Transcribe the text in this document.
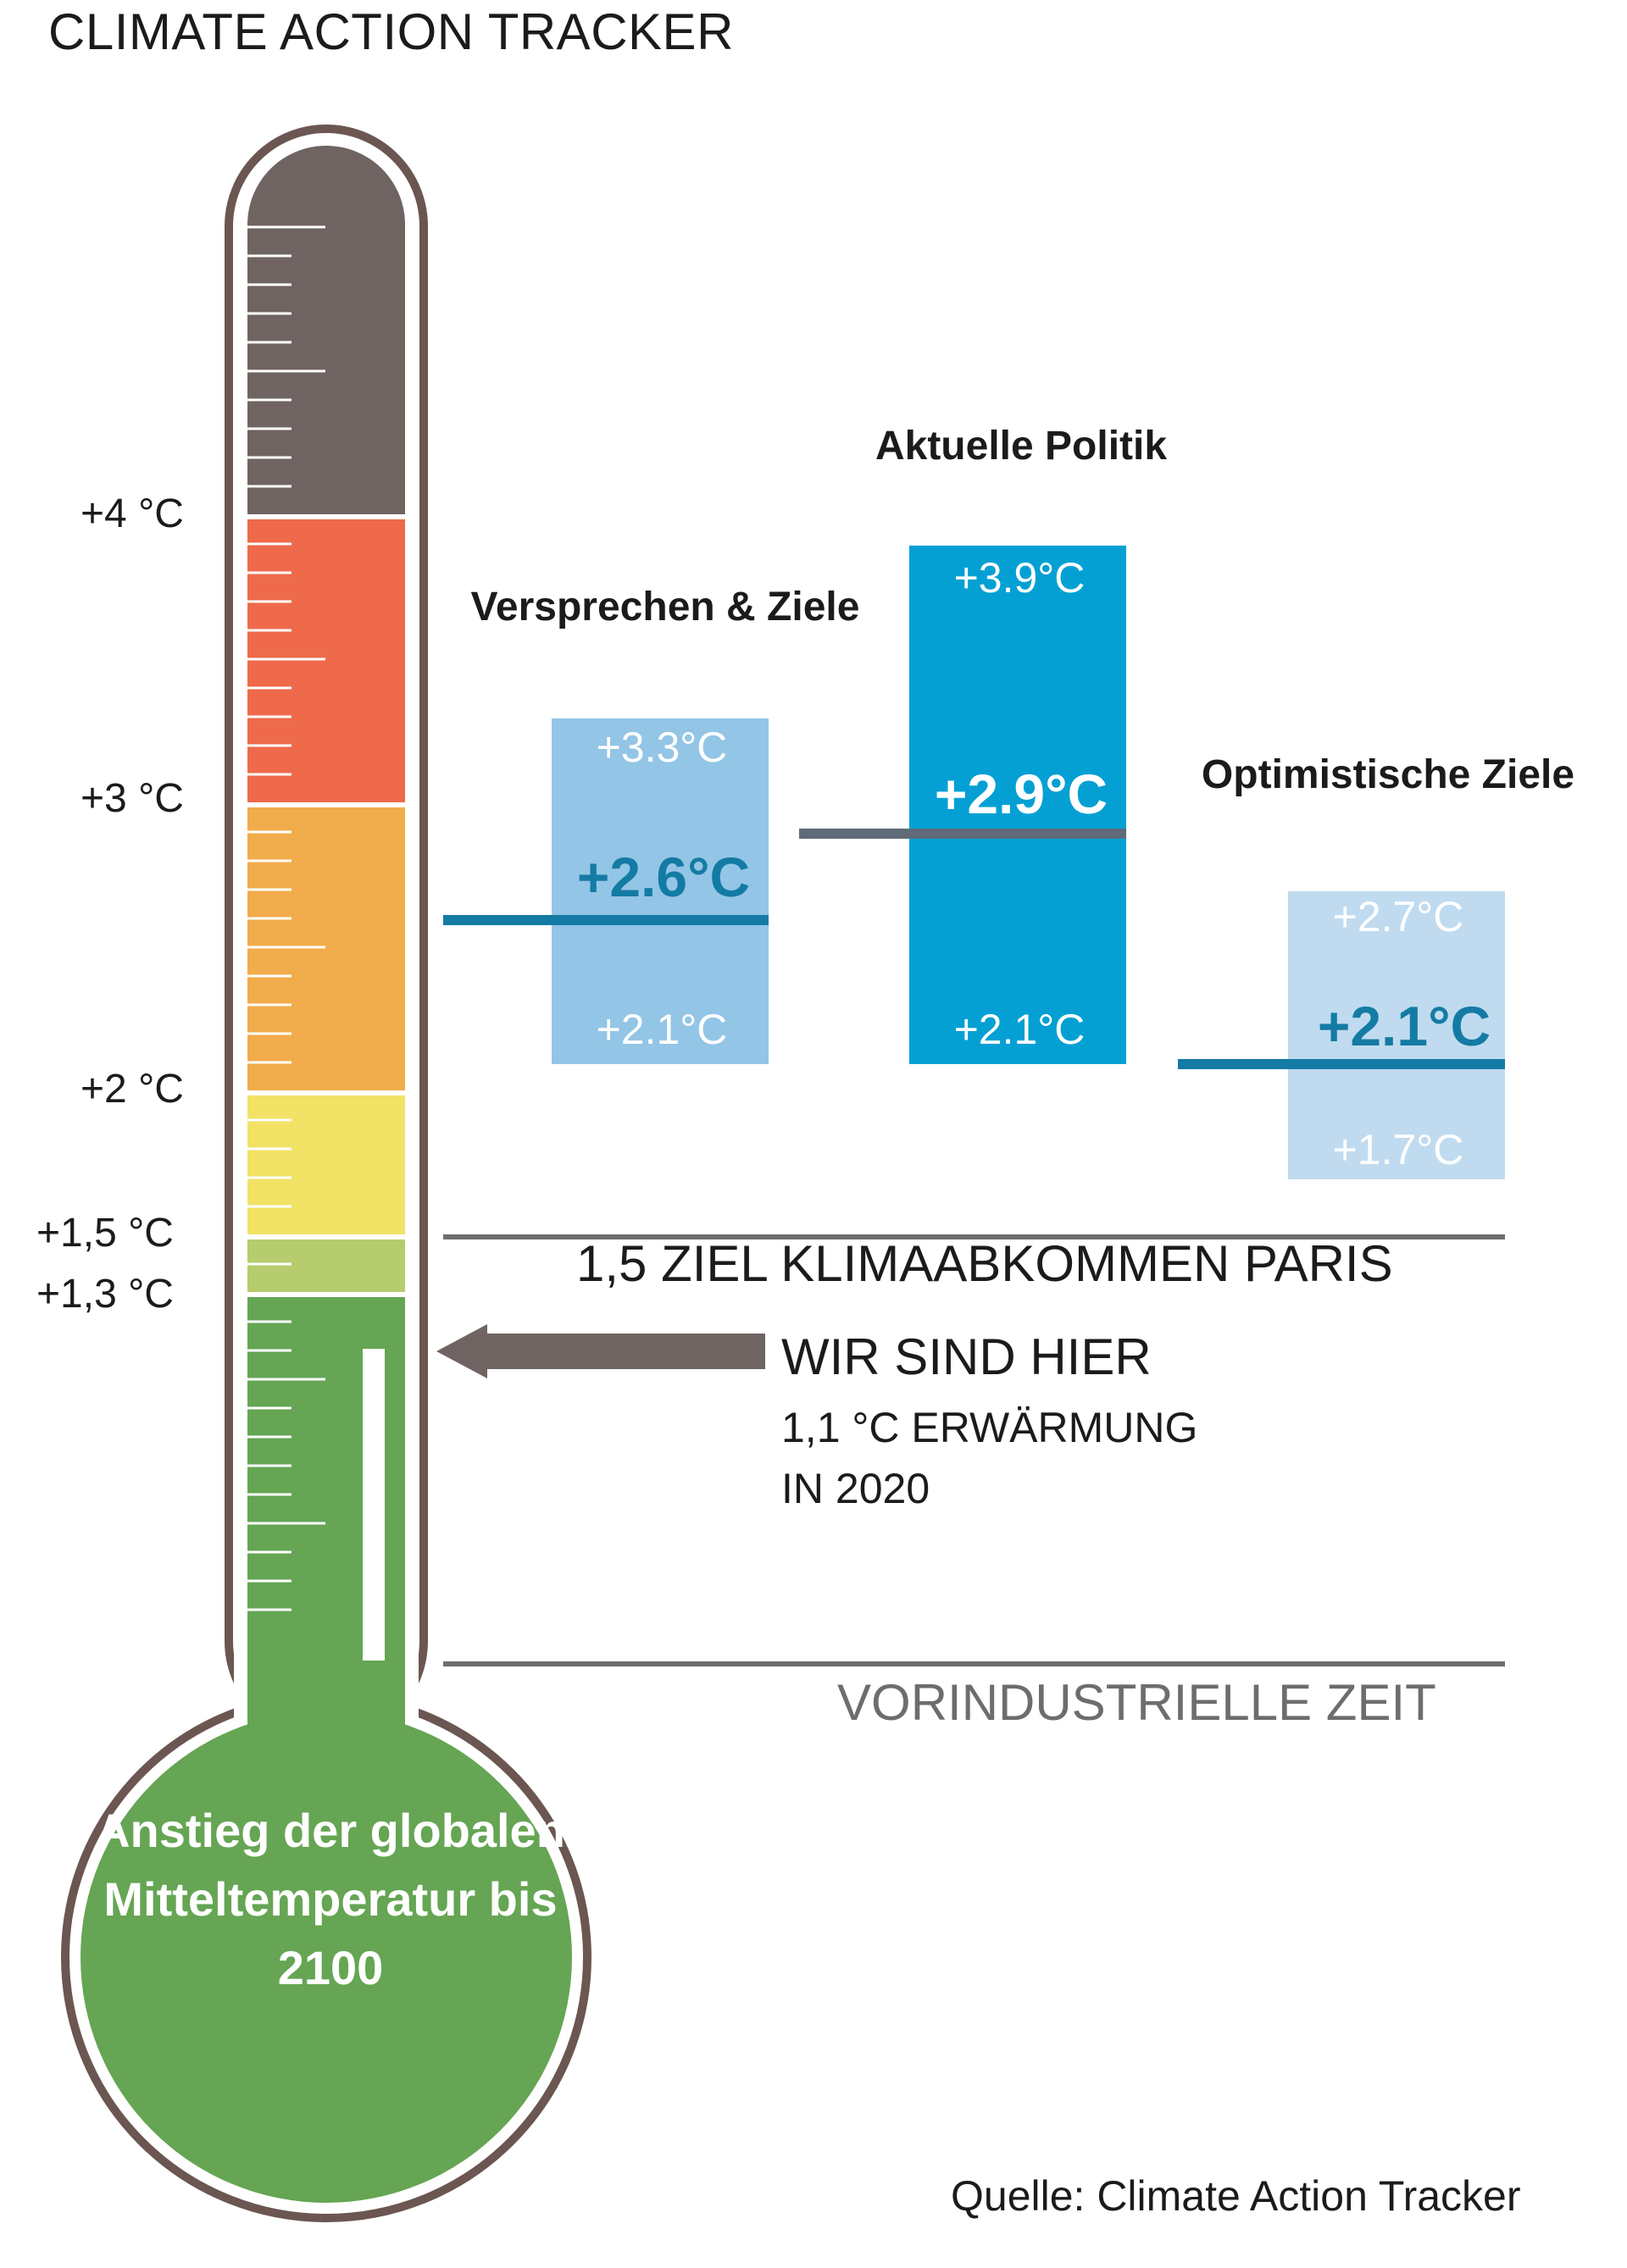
CLIMATE ACTION TRACKER
+4 °C
+3 °C
+2 °C
+1,5 °C
+1,3 °C
Anstieg der globalen Mitteltemperatur bis 2100
Versprechen & Ziele
Aktuelle Politik
Optimistische Ziele
+3.3°C
+3.9°C
+2.7°C
+2.1°C	+2.1°C
+1.7°C
+2.6°C
+2.9°C
+2.1°C
1,5 ZIEL KLIMAABKOMMEN PARIS
WIR SIND HIER
1,1 °C ERWÄRMUNG
IN 2020
VORINDUSTRIELLE ZEIT
Quelle: Climate Action Tracker
